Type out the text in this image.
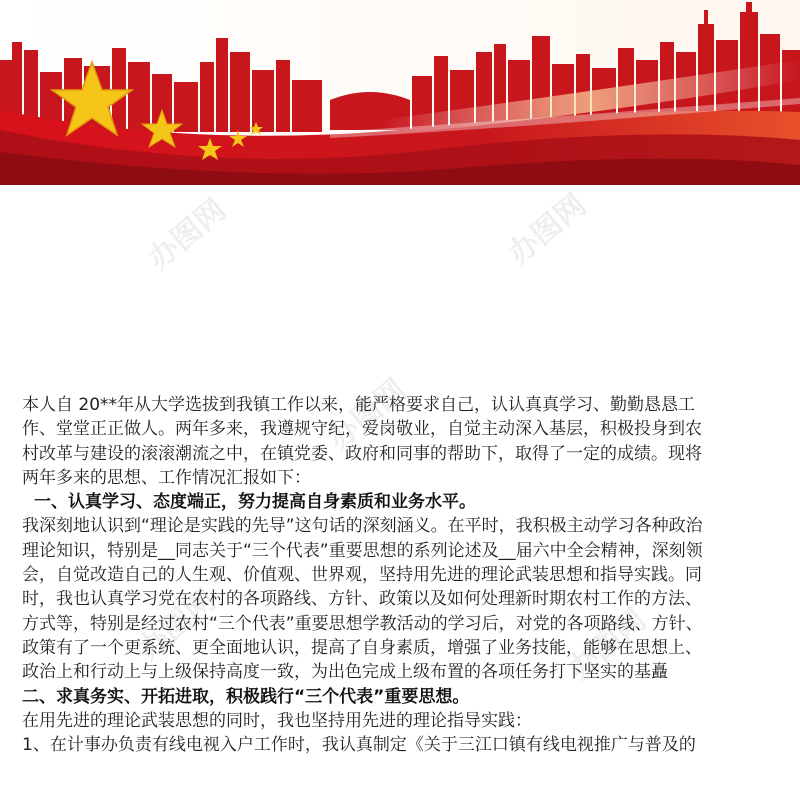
办图网	办图网
办图网
办图网	办图网

本人自 20**年从大学选拔到我镇工作以来，能严格要求自己，认认真真学习、勤勤恳恳工

作、堂堂正正做人。两年多来，我遵规守纪，爱岗敬业，自觉主动深入基层，积极投身到农

村改革与建设的滚滚潮流之中，在镇党委、政府和同事的帮助下，取得了一定的成绩。现将

两年多来的思想、工作情况汇报如下：

一、认真学习、态度端正，努力提高自身素质和业务水平。

我深刻地认识到“理论是实践的先导”这句话的深刻涵义。在平时，我积极主动学习各种政治

理论知识，特别是__同志关于“三个代表”重要思想的系列论述及__届六中全会精神，深刻领

会，自觉改造自己的人生观、价值观、世界观，坚持用先进的理论武装思想和指导实践。同

时，我也认真学习党在农村的各项路线、方针、政策以及如何处理新时期农村工作的方法、

方式等，特别是经过农村“三个代表”重要思想学教活动的学习后，对党的各项路线、方针、

政策有了一个更系统、更全面地认识，提高了自身素质，增强了业务技能，能够在思想上、

政治上和行动上与上级保持高度一致，为出色完成上级布置的各项任务打下坚实的基矗

二、求真务实、开拓进取，积极践行“三个代表”重要思想。

在用先进的理论武装思想的同时，我也坚持用先进的理论指导实践：

1、在计事办负责有线电视入户工作时，我认真制定《关于三江口镇有线电视推广与普及的
